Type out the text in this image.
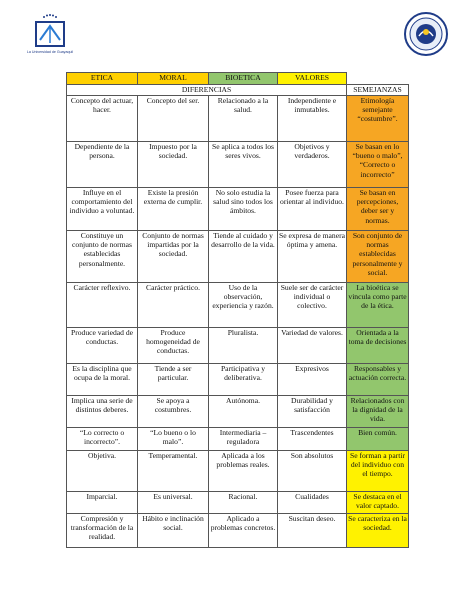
La Universidad de Guayaquil
ETICA	MORAL	BIOETICA	VALORES	
DIFERENCIAS				SEMEJANZAS
Concepto del actuar, hacer.	Concepto del ser.	Relacionado a la salud.	Independiente e inmutables.	Etimología semejante “costumbre”.
Dependiente de la persona.	Impuesto por la sociedad.	Se aplica a todos los seres vivos.	Objetivos y verdaderos.	Se basan en lo “bueno o malo”, “Correcto o incorrecto”
Influye en el comportamiento del individuo a voluntad.	Existe la presión externa de cumplir.	No solo estudia la salud sino todos los ámbitos.	Posee fuerza para orientar al individuo.	Se basan en percepciones, deber ser y normas.
Constituye un conjunto de normas establecidas personalmente.	Conjunto de normas impartidas por la sociedad.	Tiende al cuidado y desarrollo de la vida.	Se expresa de manera óptima y amena.	Son conjunto de normas establecidas personalmente y social.
Carácter reflexivo.	Carácter práctico.	Uso de la observación, experiencia y razón.	Suele ser de carácter individual o colectivo.	La bioética se vincula como parte de la ética.
Produce variedad de conductas.	Produce homogeneidad de conductas.	Pluralista.	Variedad de valores.	Orientada a la toma de decisiones
Es la disciplina que ocupa de la moral.	Tiende a ser particular.	Participativa y deliberativa.	Expresivos	Responsables y actuación correcta.
Implica una serie de distintos deberes.	Se apoya a costumbres.	Autónoma.	Durabilidad y satisfacción	Relacionados con la dignidad de la vida.
“Lo correcto o incorrecto”.	“Lo bueno o lo malo”.	Intermediaria – reguladora	Trascendentes	Bien común.
Objetiva.	Temperamental.	Aplicada a los problemas reales.	Son absolutos	Se forman a partir del individuo con el tiempo.
Imparcial.	Es universal.	Racional.	Cualidades	Se destaca en el valor captado.
Compresión y transformación de la realidad.	Hábito e inclinación social.	Aplicado a problemas concretos.	Suscitan deseo.	Se caracteriza en la sociedad.
